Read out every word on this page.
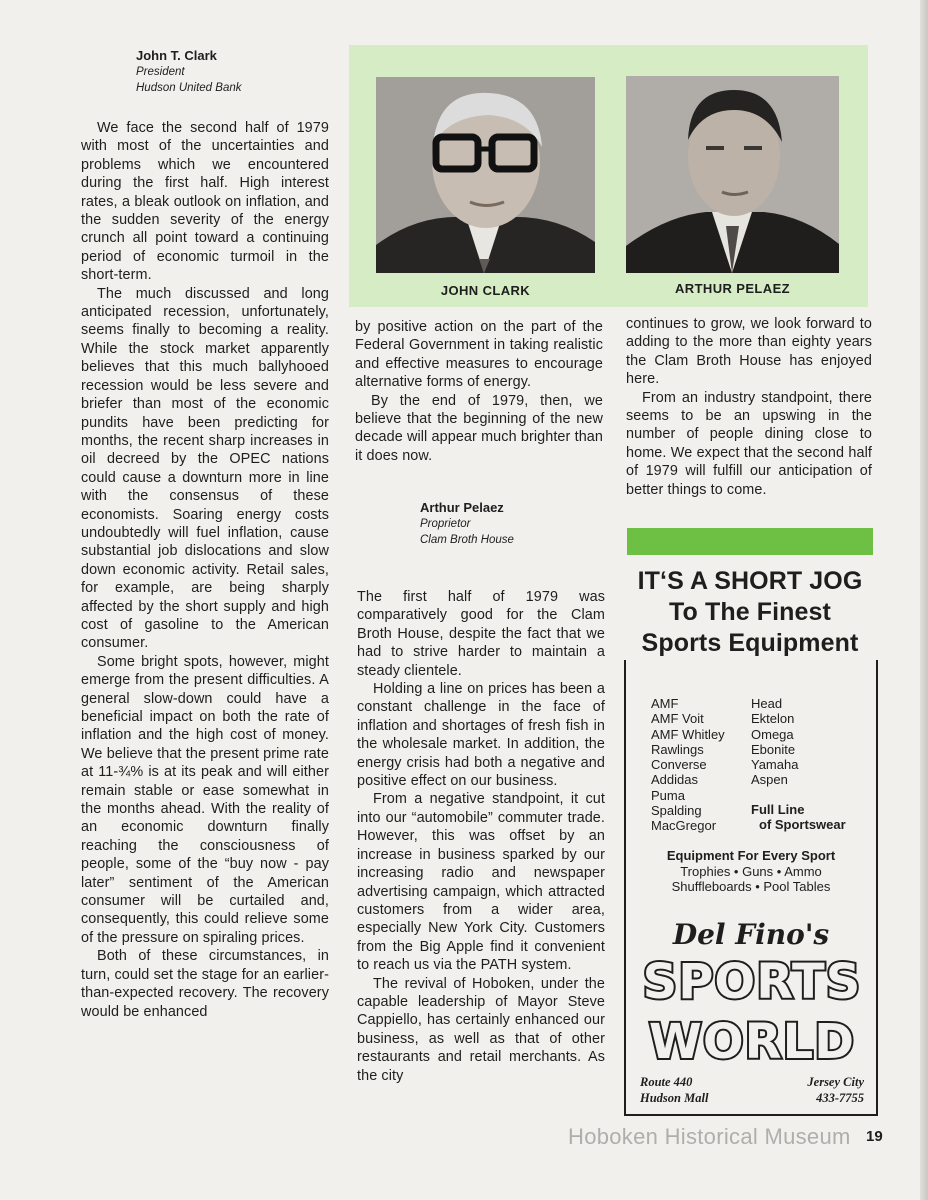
John T. Clark
President
Hudson United Bank

We face the second half of 1979 with most of the uncertainties and problems which we encountered during the first half. High interest rates, a bleak outlook on inflation, and the sudden severity of the energy crunch all point toward a continuing period of economic turmoil in the short-term.

The much discussed and long anticipated recession, unfortunately, seems finally to becoming a reality. While the stock market apparently believes that this much ballyhooed recession would be less severe and briefer than most of the economic pundits have been predicting for months, the recent sharp increases in oil decreed by the OPEC nations could cause a downturn more in line with the consensus of these economists. Soaring energy costs undoubtedly will fuel inflation, cause substantial job dislocations and slow down economic activity. Retail sales, for example, are being sharply affected by the short supply and high cost of gasoline to the American consumer.

Some bright spots, however, might emerge from the present difficulties. A general slow-down could have a beneficial impact on both the rate of inflation and the high cost of money. We believe that the present prime rate at 11-¾% is at its peak and will either remain stable or ease somewhat in the months ahead. With the reality of an economic downturn finally reaching the consciousness of people, some of the “buy now - pay later” sentiment of the American consumer will be curtailed and, consequently, this could relieve some of the pressure on spiraling prices.

Both of these circumstances, in turn, could set the stage for an earlier-than-expected recovery. The recovery would be enhanced

JOHN CLARK	ARTHUR PELAEZ

by positive action on the part of the Federal Government in taking realistic and effective measures to encourage alternative forms of energy.

By the end of 1979, then, we believe that the beginning of the new decade will appear much brighter than it does now.

Arthur Pelaez
Proprietor
Clam Broth House

The first half of 1979 was comparatively good for the Clam Broth House, despite the fact that we had to strive harder to maintain a steady clientele.

Holding a line on prices has been a constant challenge in the face of inflation and shortages of fresh fish in the wholesale market. In addition, the energy crisis had both a negative and positive effect on our business.

From a negative standpoint, it cut into our “automobile” commuter trade. However, this was offset by an increase in business sparked by our increasing radio and newspaper advertising campaign, which attracted customers from a wider area, especially New York City. Customers from the Big Apple find it convenient to reach us via the PATH system.

The revival of Hoboken, under the capable leadership of Mayor Steve Cappiello, has certainly enhanced our business, as well as that of other restaurants and retail merchants. As the city

continues to grow, we look forward to adding to the more than eighty years the Clam Broth House has enjoyed here.

From an industry standpoint, there seems to be an upswing in the number of people dining close to home. We expect that the second half of 1979 will fulfill our anticipation of better things to come.

IT‘S A SHORT JOG
To The Finest
Sports Equipment
AMF
AMF Voit
AMF Whitley
Rawlings
Converse
Addidas
Puma
Spalding
MacGregor
Head
Ektelon
Omega
Ebonite
Yamaha
Aspen
Full Line
of Sportswear
Equipment For Every Sport
Trophies • Guns • Ammo
Shuffleboards • Pool Tables
Del Fino's
SPORTS
WORLD
Route 440
Hudson Mall
Jersey City
433-7755
Hoboken Historical Museum 19
